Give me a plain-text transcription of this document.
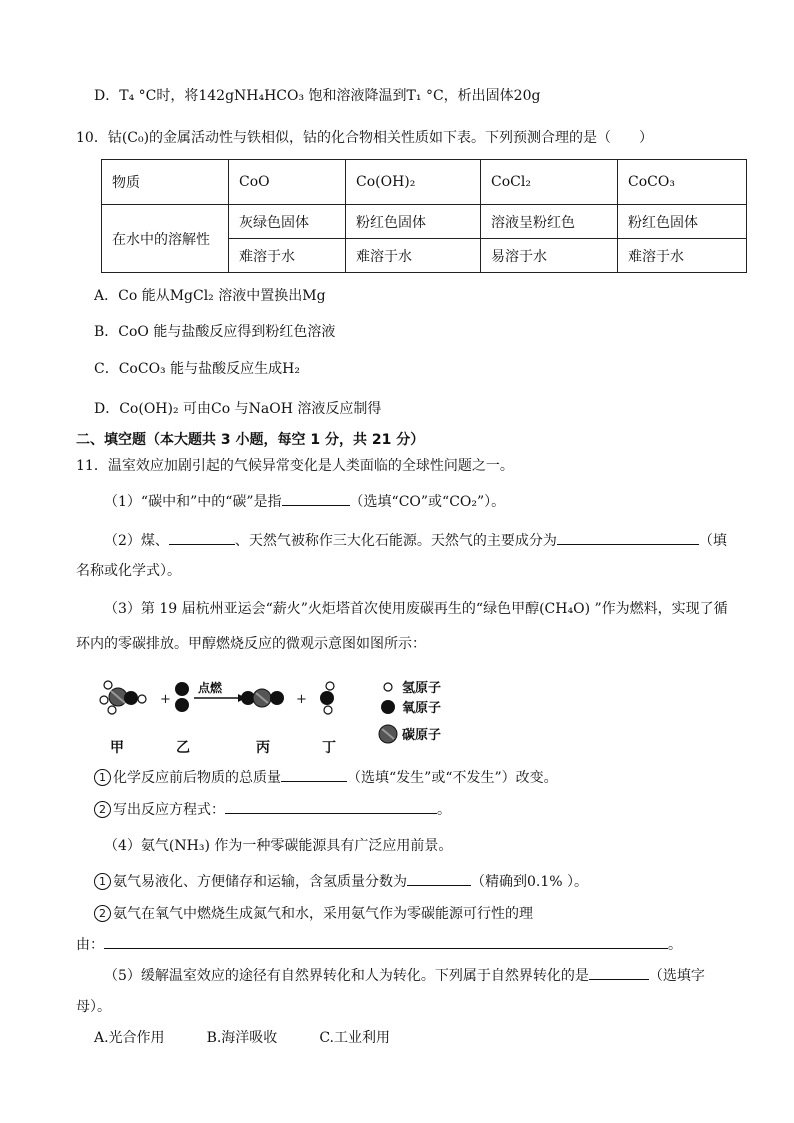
D．T₄ °C时，将142gNH₄HCO₃ 饱和溶液降温到T₁ °C，析出固体20g
10．钴(C₀)的金属活动性与铁相似，钴的化合物相关性质如下表。下列预测合理的是（　　）
物质	CoO	Co(OH)₂	CoCl₂	CoCO₃
在水中的溶解性	灰绿色固体	粉红色固体	溶液呈粉红色	粉红色固体
	难溶于水	难溶于水	易溶于水	难溶于水
A．Co 能从MgCl₂ 溶液中置换出Mg
B．CoO 能与盐酸反应得到粉红色溶液
C．CoCO₃ 能与盐酸反应生成H₂
D．Co(OH)₂ 可由Co 与NaOH 溶液反应制得
二、填空题（本大题共 3 小题，每空 1 分，共 21 分）
11．温室效应加剧引起的气候异常变化是人类面临的全球性问题之一。
（1）“碳中和”中的“碳”是指	（选填“CO”或“CO₂”）。
（2）煤、	、天然气被称作三大化石能源。天然气的主要成分为	（填
名称或化学式）。
（3）第 19 届杭州亚运会“薪火”火炬塔首次使用废碳再生的“绿色甲醇(CH₄O) ”作为燃料，实现了循
环内的零碳排放。甲醇燃烧反应的微观示意图如图所示：
+
点燃
+
甲	乙	丙	丁
氢原子
氧原子
碳原子
1 化学反应前后物质的总质量	（选填“发生”或“不发生”）改变。
2 写出反应方程式：	。
（4）氨气(NH₃) 作为一种零碳能源具有广泛应用前景。
1 氨气易液化、方便储存和运输，含氢质量分数为	（精确到0.1% ）。
2 氨气在氧气中燃烧生成氮气和水，采用氨气作为零碳能源可行性的理
由：	。
（5）缓解温室效应的途径有自然界转化和人为转化。下列属于自然界转化的是	（选填字
母）。
A.光合作用	B.海洋吸收	C.工业利用
